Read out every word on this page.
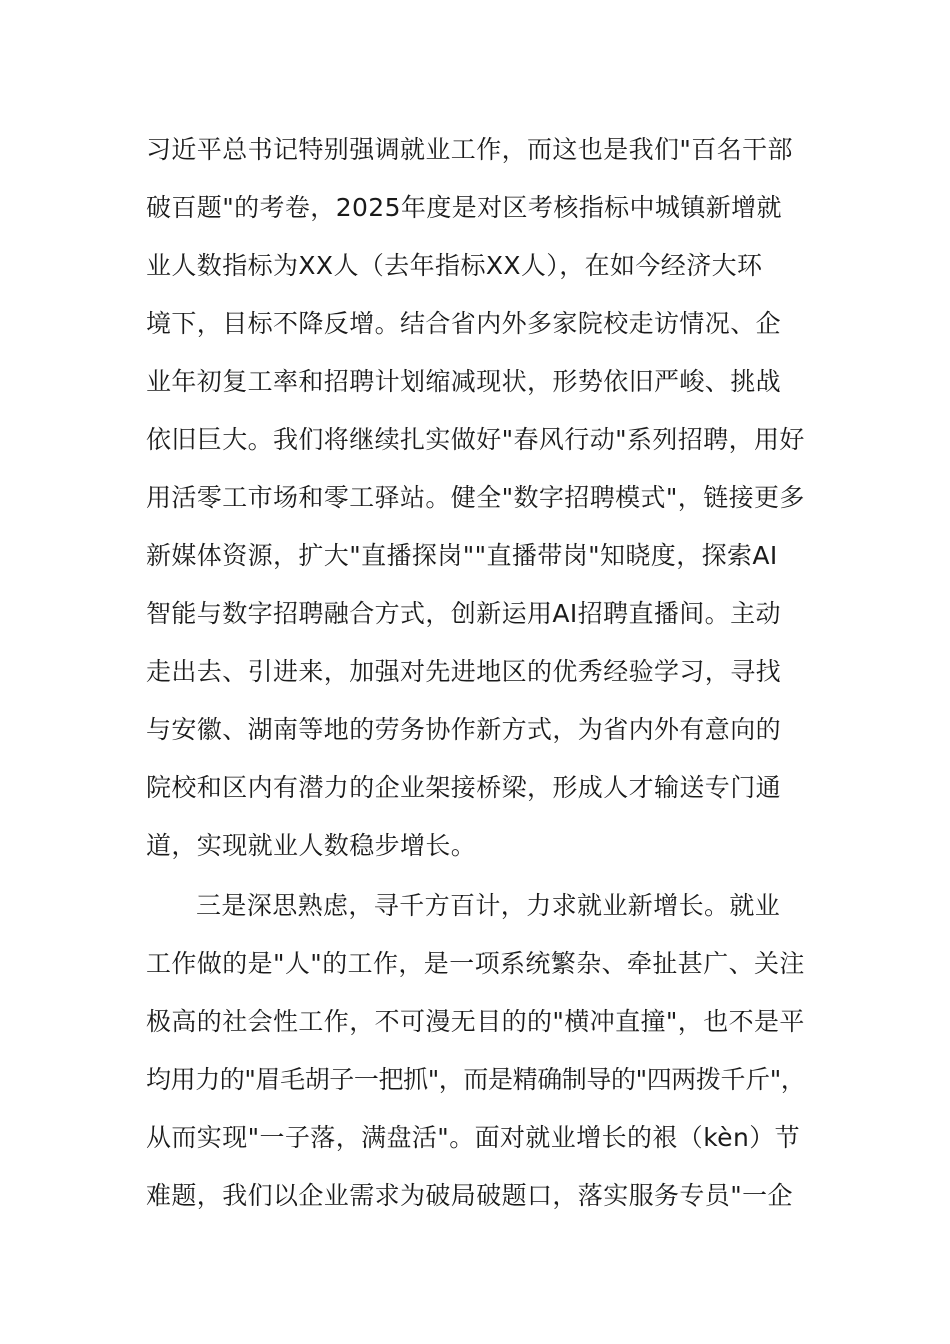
习近平总书记特别强调就业工作，而这也是我们"百名干部
破百题"的考卷，2025年度是对区考核指标中城镇新增就
业人数指标为XX人（去年指标XX人），在如今经济大环
境下，目标不降反增。结合省内外多家院校走访情况、企
业年初复工率和招聘计划缩减现状，形势依旧严峻、挑战
依旧巨大。我们将继续扎实做好"春风行动"系列招聘，用好
用活零工市场和零工驿站。健全"数字招聘模式"，链接更多
新媒体资源，扩大"直播探岗""直播带岗"知晓度，探索AI
智能与数字招聘融合方式，创新运用AI招聘直播间。主动
走出去、引进来，加强对先进地区的优秀经验学习，寻找
与安徽、湖南等地的劳务协作新方式，为省内外有意向的
院校和区内有潜力的企业架接桥梁，形成人才输送专门通
道，实现就业人数稳步增长。
三是深思熟虑，寻千方百计，力求就业新增长。就业
工作做的是"人"的工作，是一项系统繁杂、牵扯甚广、关注
极高的社会性工作，不可漫无目的的"横冲直撞"，也不是平
均用力的"眉毛胡子一把抓"，而是精确制导的"四两拨千斤"，
从而实现"一子落，满盘活"。面对就业增长的裉（kèn）节
难题，我们以企业需求为破局破题口，落实服务专员"一企
